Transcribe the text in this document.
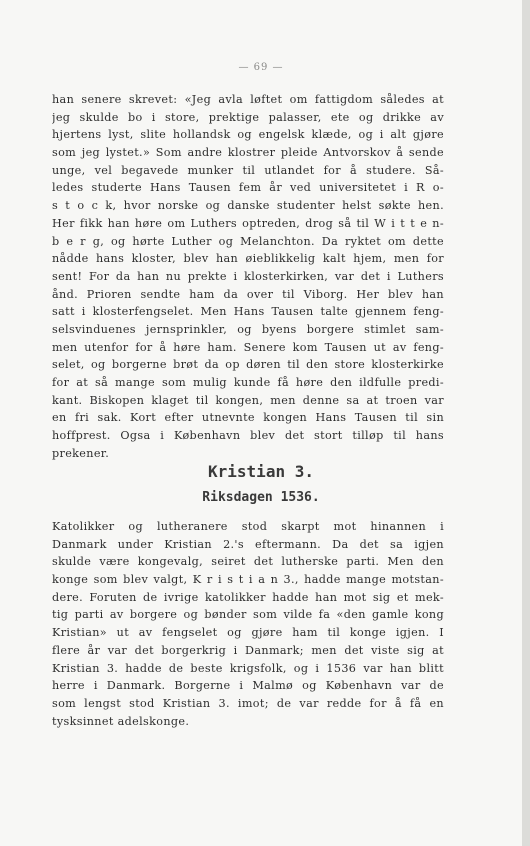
— 69 —
han senere skrevet: «Jeg avla løftet om fattigdom således at
jeg skulde bo i store, prektige palasser, ete og drikke av
hjertens lyst, slite hollandsk og engelsk klæde, og i alt gjøre
som jeg lystet.» Som andre klostrer pleide Antvorskov å sende
unge, vel begavede munker til utlandet for å studere. Så-
ledes studerte Hans Tausen fem år ved universitetet i R o-
s t o c k, hvor norske og danske studenter helst søkte hen.
Her fikk han høre om Luthers optreden, drog så til W i t t e n-
b e r g, og hørte Luther og Melanchton. Da ryktet om dette
nådde hans kloster, blev han øieblikkelig kalt hjem, men for
sent! For da han nu prekte i klosterkirken, var det i Luthers
ånd. Prioren sendte ham da over til Viborg. Her blev han
satt i klosterfengselet. Men Hans Tausen talte gjennem feng-
selsvinduenes jernsprinkler, og byens borgere stimlet sam-
men utenfor for å høre ham. Senere kom Tausen ut av feng-
selet, og borgerne brøt da op døren til den store klosterkirke
for at så mange som mulig kunde få høre den ildfulle predi-
kant. Biskopen klaget til kongen, men denne sa at troen var
en fri sak. Kort efter utnevnte kongen Hans Tausen til sin
hoffprest. Ogsa i København blev det stort tilløp til hans
prekener.
Kristian 3.
Riksdagen 1536.
Katolikker og lutheranere stod skarpt mot hinannen i
Danmark under Kristian 2.'s eftermann. Da det sa igjen
skulde være kongevalg, seiret det lutherske parti. Men den
konge som blev valgt, K r i s t i a n 3., hadde mange motstan-
dere. Foruten de ivrige katolikker hadde han mot sig et mek-
tig parti av borgere og bønder som vilde fa «den gamle kong
Kristian» ut av fengselet og gjøre ham til konge igjen. I
flere år var det borgerkrig i Danmark; men det viste sig at
Kristian 3. hadde de beste krigsfolk, og i 1536 var han blitt
herre i Danmark. Borgerne i Malmø og København var de
som lengst stod Kristian 3. imot; de var redde for å få en
tysksinnet adelskonge.
